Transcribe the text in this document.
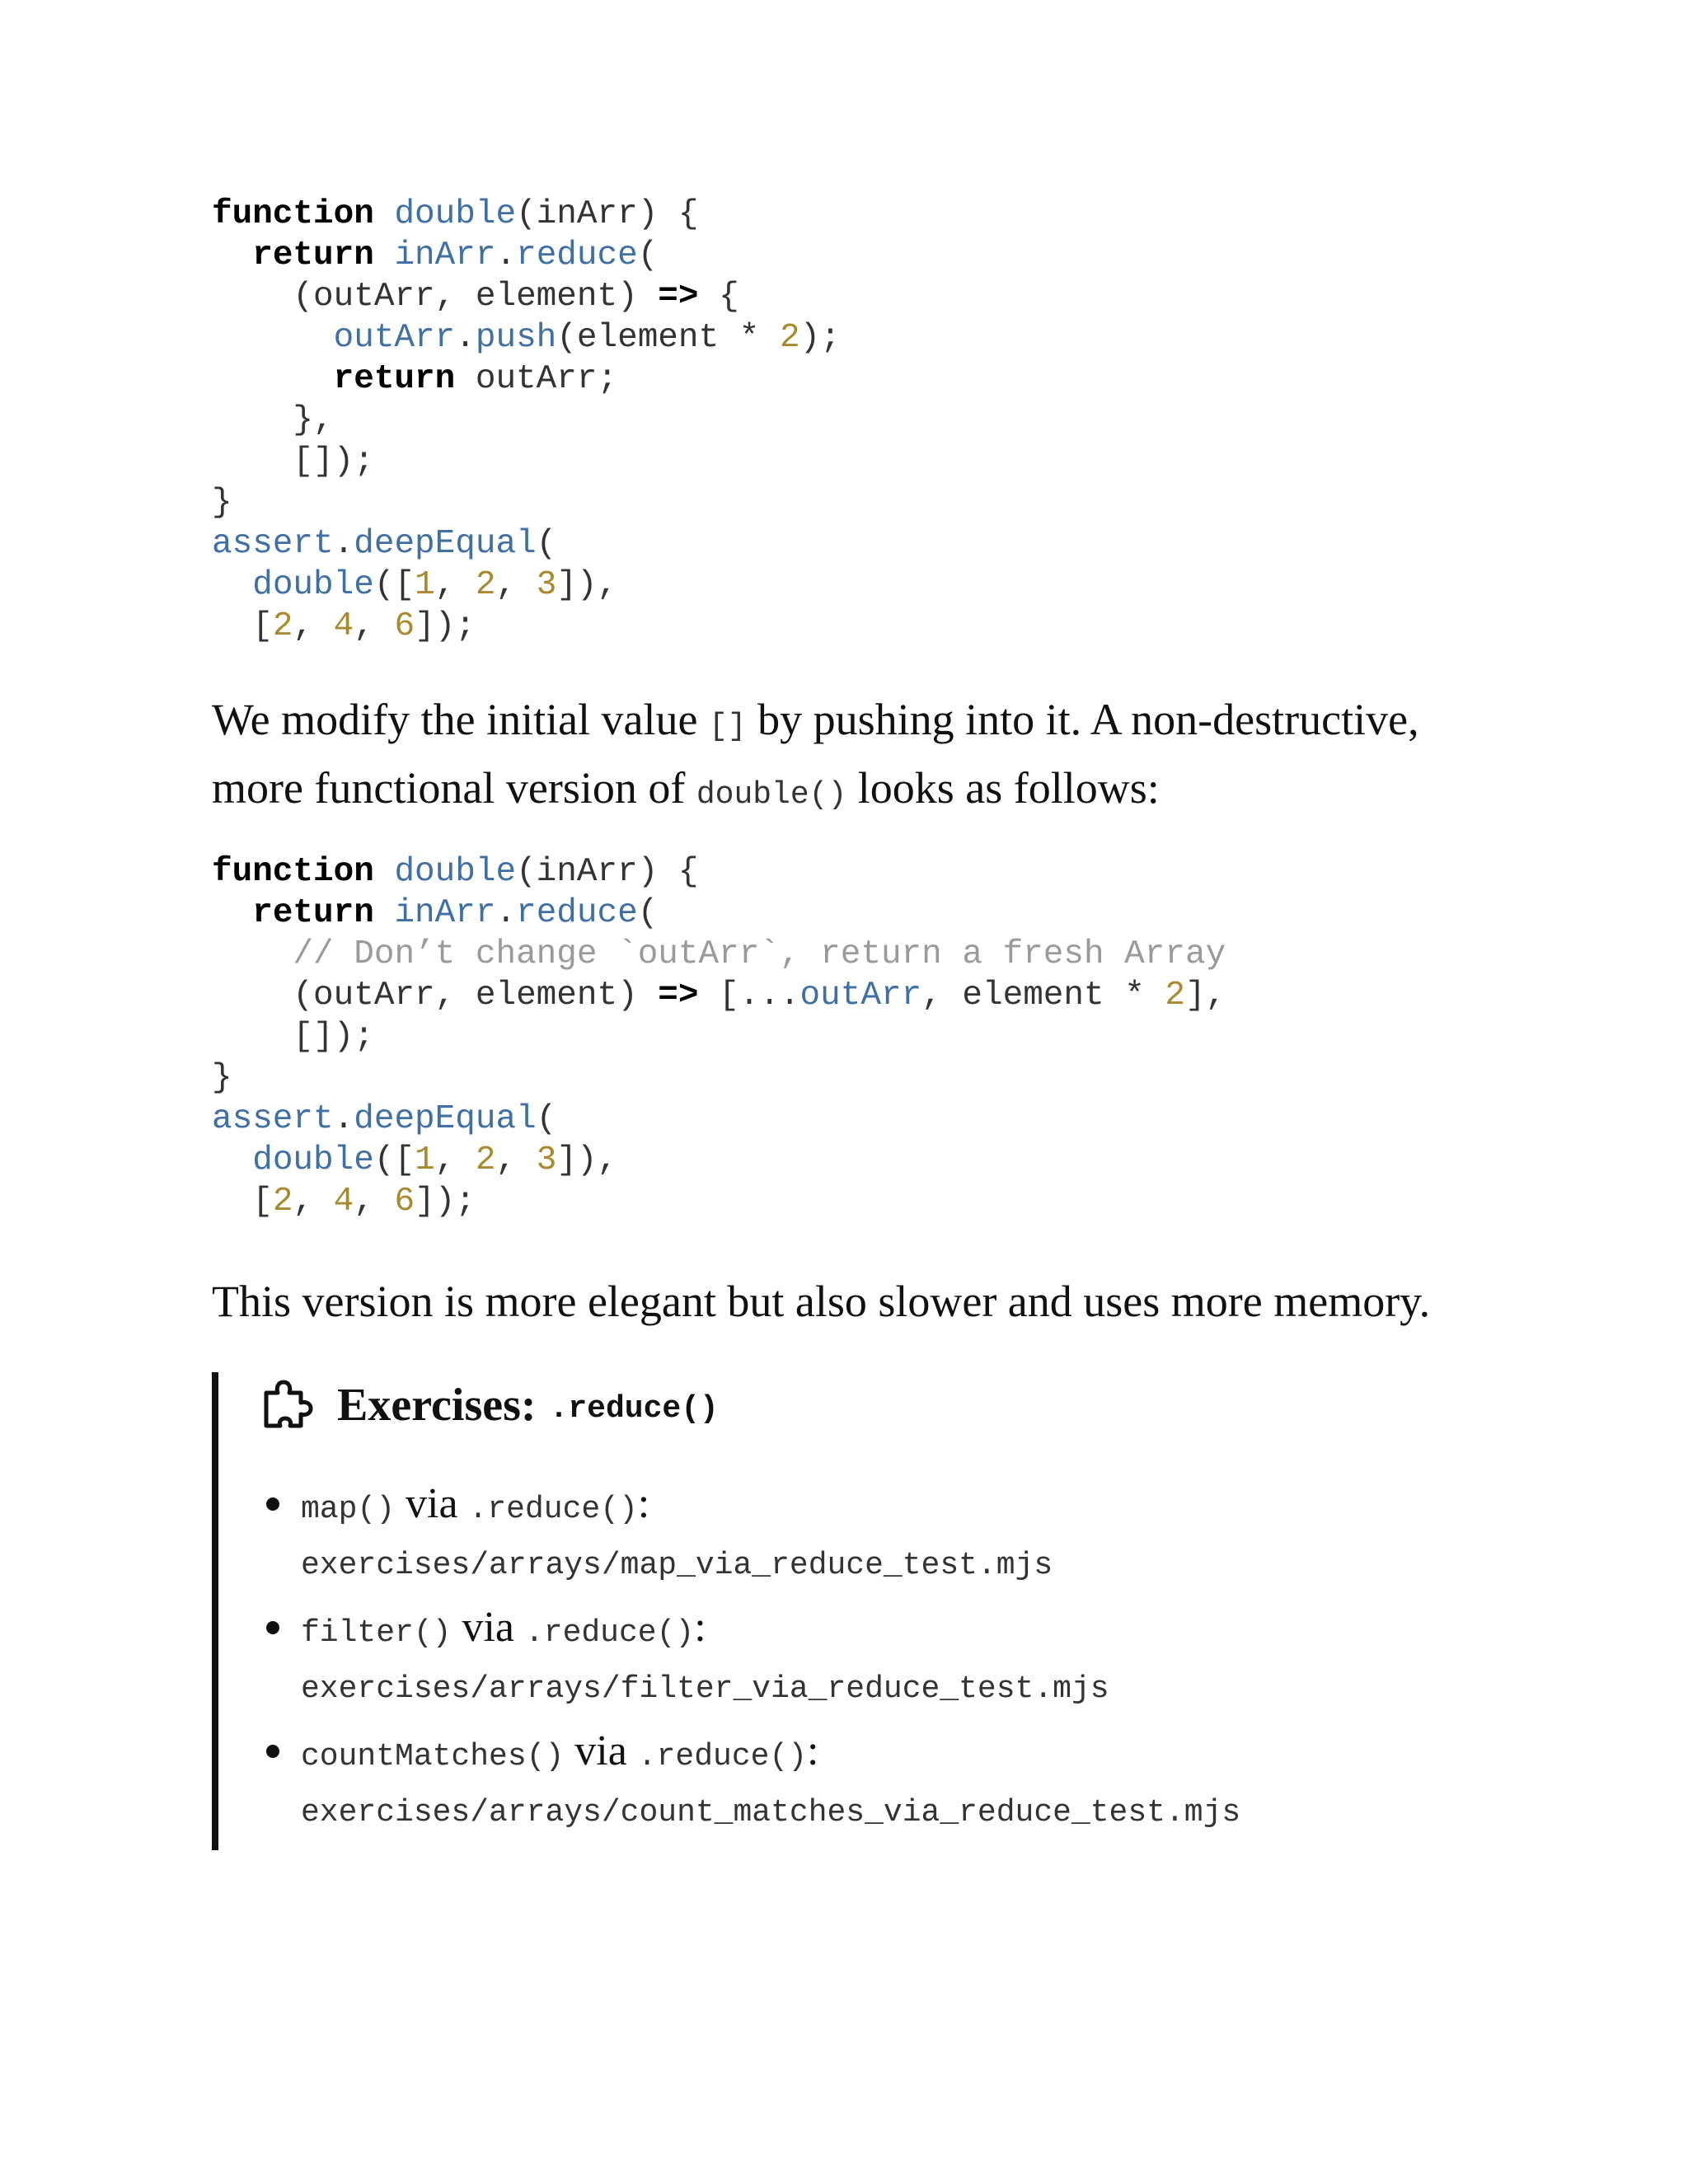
function double(inArr) {
return inArr.reduce(
(outArr, element) => {
outArr.push(element * 2);
return outArr;
},
[]);
}
assert.deepEqual(
double([1, 2, 3]),
[2, 4, 6]);

We modify the initial value [] by pushing into it. A non-destructive, more functional version of double() looks as follows:

function double(inArr) {
return inArr.reduce(
// Don’t change `outArr`, return a fresh Array
(outArr, element) => [...outArr, element * 2],
[]);
}
assert.deepEqual(
double([1, 2, 3]),
[2, 4, 6]);

This version is more elegant but also slower and uses more memory.

Exercises: .reduce()
map() via .reduce():
exercises/arrays/map_via_reduce_test.mjs
filter() via .reduce():
exercises/arrays/filter_via_reduce_test.mjs
countMatches() via .reduce():
exercises/arrays/count_matches_via_reduce_test.mjs
